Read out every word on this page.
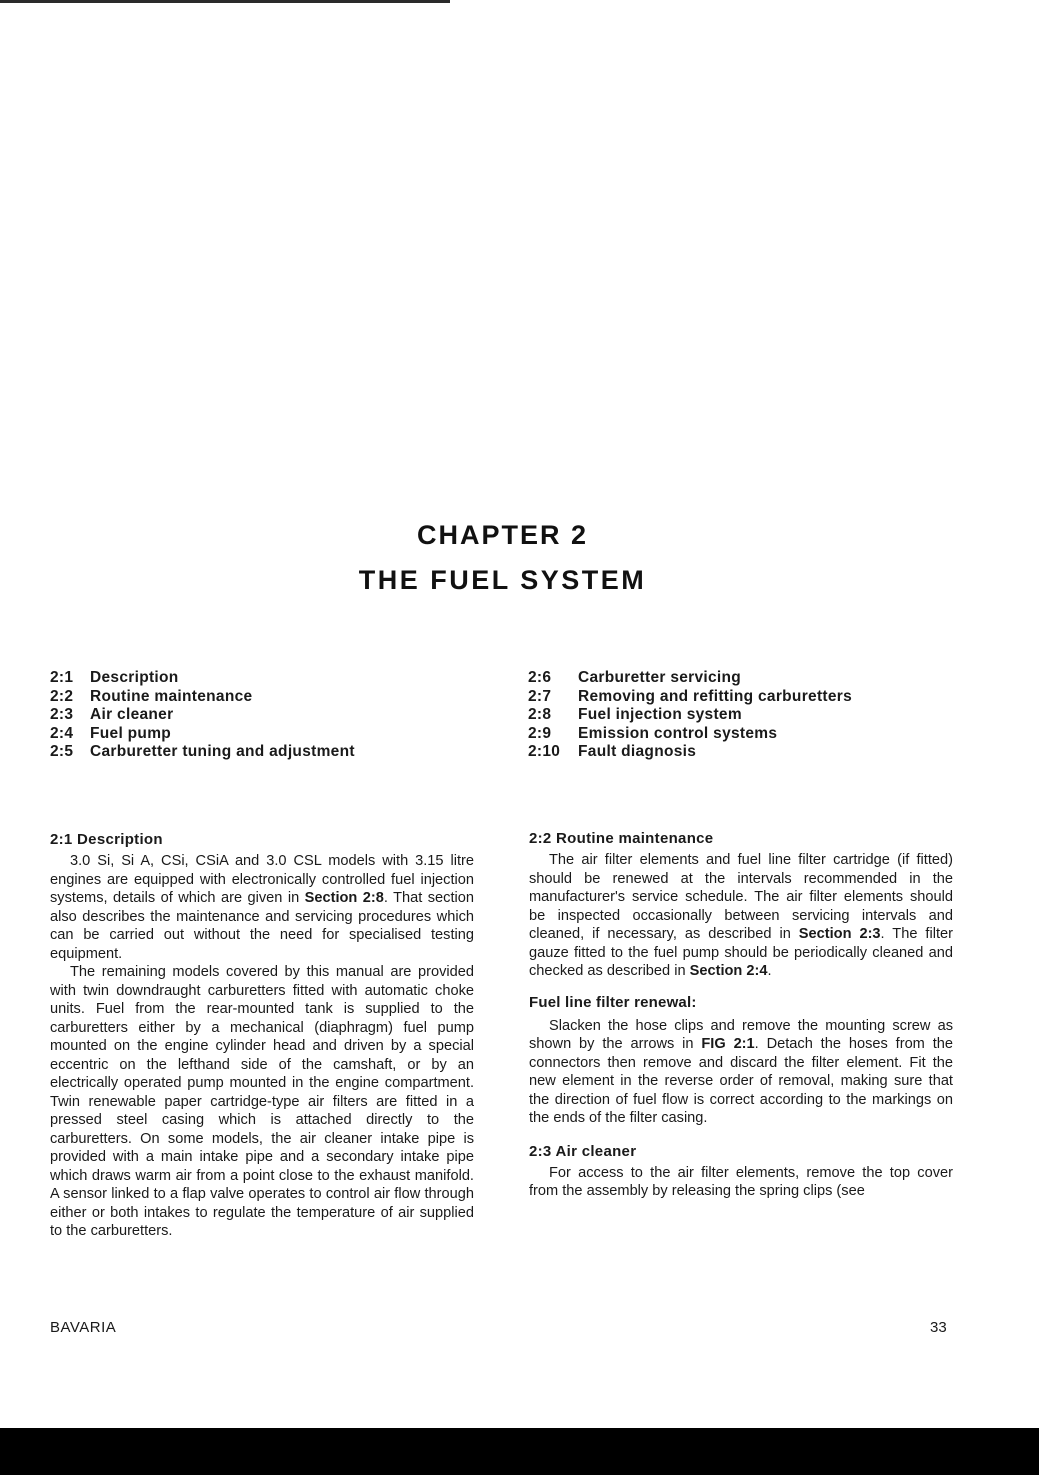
CHAPTER 2
THE FUEL SYSTEM
2:1 Description
2:2 Routine maintenance
2:3 Air cleaner
2:4 Fuel pump
2:5 Carburetter tuning and adjustment
2:6 Carburetter servicing
2:7 Removing and refitting carburetters
2:8 Fuel injection system
2:9 Emission control systems
2:10 Fault diagnosis
2:1 Description

3.0 Si, Si A, CSi, CSiA and 3.0 CSL models with 3.15 litre engines are equipped with electronically controlled fuel injection systems, details of which are given in Section 2:8. That section also describes the maintenance and servicing procedures which can be carried out without the need for specialised testing equipment.

The remaining models covered by this manual are provided with twin downdraught carburetters fitted with automatic choke units. Fuel from the rear-mounted tank is supplied to the carburetters either by a mechanical (diaphragm) fuel pump mounted on the engine cylinder head and driven by a special eccentric on the lefthand side of the camshaft, or by an electrically operated pump mounted in the engine compartment. Twin renewable paper cartridge-type air filters are fitted in a pressed steel casing which is attached directly to the carburetters. On some models, the air cleaner intake pipe is provided with a main intake pipe and a secondary intake pipe which draws warm air from a point close to the exhaust manifold. A sensor linked to a flap valve operates to control air flow through either or both intakes to regulate the temperature of air supplied to the carburetters.

2:2 Routine maintenance

The air filter elements and fuel line filter cartridge (if fitted) should be renewed at the intervals recommended in the manufacturer's service schedule. The air filter elements should be inspected occasionally between servicing intervals and cleaned, if necessary, as described in Section 2:3. The filter gauze fitted to the fuel pump should be periodically cleaned and checked as described in Section 2:4.

Fuel line filter renewal:

Slacken the hose clips and remove the mounting screw as shown by the arrows in FIG 2:1. Detach the hoses from the connectors then remove and discard the filter element. Fit the new element in the reverse order of removal, making sure that the direction of fuel flow is correct according to the markings on the ends of the filter casing.

2:3 Air cleaner

For access to the air filter elements, remove the top cover from the assembly by releasing the spring clips (see

BAVARIA	33
